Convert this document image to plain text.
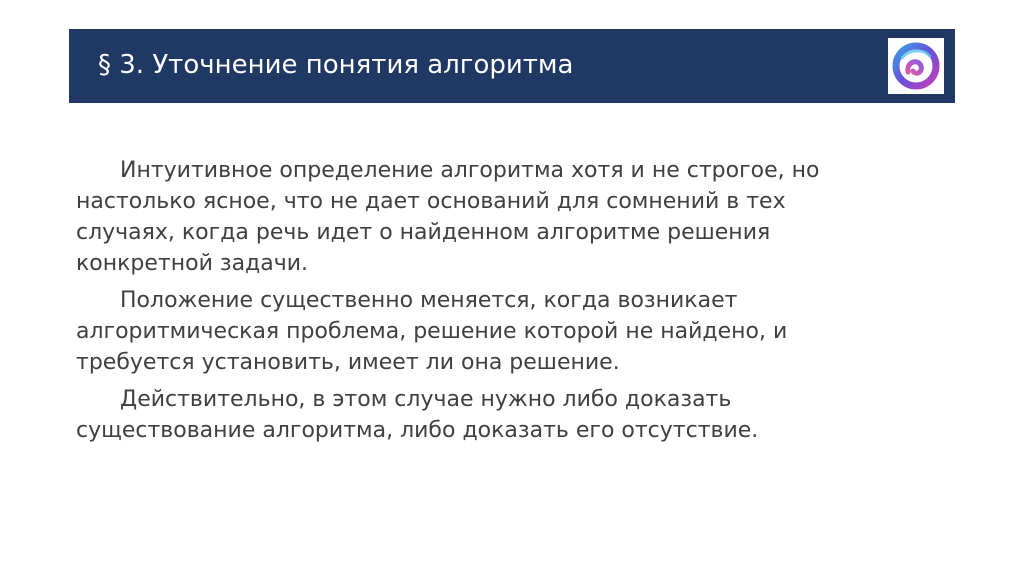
§ 3. Уточнение понятия алгоритма

Интуитивное определение алгоритма хотя и не строгое, но настолько ясное, что не дает оснований для сомнений в тех случаях, когда речь идет о найденном алгоритме решения конкретной задачи.

Положение существенно меняется, когда возникает алгоритмическая проблема, решение которой не найдено, и требуется установить, имеет ли она решение.

Действительно, в этом случае нужно либо доказать существование алгоритма, либо доказать его отсутствие.
